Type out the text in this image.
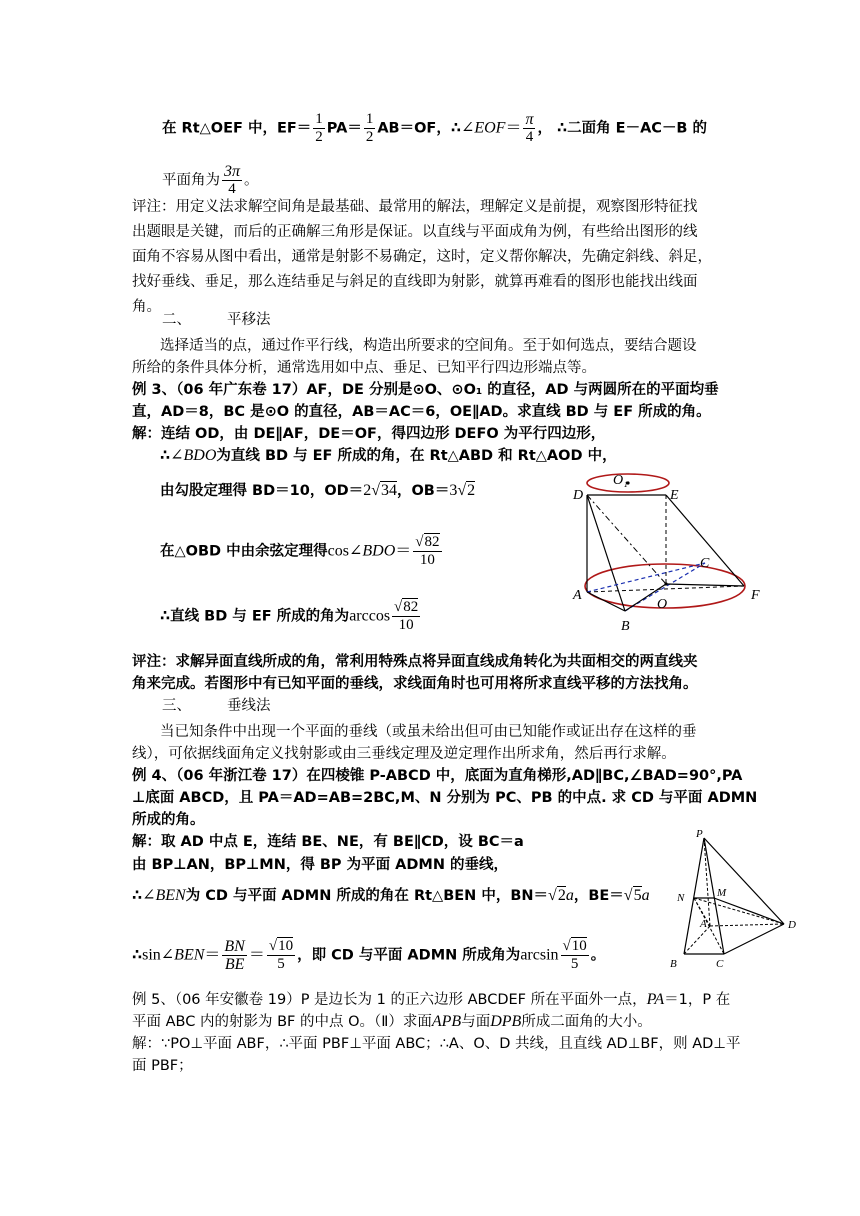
在 Rt△OEF 中，$EF= \frac{1}{2} PA= \frac{1}{2} AB=OF$，∴∠EOF＝ $\frac{\pi}{4}$ ， ∴二面角 E－AC－B 的
平面角为 $\frac{3\pi}{4}$ 。
评注：用定义法求解空间角是最基础、最常用的解法，理解定义是前提，观察图形特征找
出题眼是关键，而后的正确解三角形是保证。以直线与平面成角为例，有些给出图形的线
面角不容易从图中看出，通常是射影不易确定，这时，定义帮你解决，先确定斜线、斜足，
找好垂线、垂足，那么连结垂足与斜足的直线即为射影，就算再难看的图形也能找出线面
角。
二、 平移法
选择适当的点，通过作平行线，构造出所要求的空间角。至于如何选点，要结合题设
所给的条件具体分析，通常选用如中点、垂足、已知平行四边形端点等。
例 3、（06 年广东卷 17）AF，DE 分别是⊙O、⊙O₁ 的直径，AD 与两圆所在的平面均垂
直，AD＝8，BC 是⊙O 的直径，AB＝AC＝6，OE∥AD。求直线 BD 与 EF 所成的角。
解：连结 OD，由 DE∥AF，DE＝OF，得四边形 DEFO 为平行四边形，
∴∠BDO为直线 BD 与 EF 所成的角，在 Rt△ABD 和 Rt△AOD 中，
由勾股定理得 BD＝10，OD＝2√34，OB＝3√2
在△OBD 中由余弦定理得cos∠BDO＝ $\frac{√82}{10}$
∴直线 BD 与 EF 所成的角为$\arccos \frac{√82}{10}$
D
O₁
E
C
A	F
O
B
评注：求解异面直线所成的角，常利用特殊点将异面直线成角转化为共面相交的两直线夹
角来完成。若图形中有已知平面的垂线，求线面角时也可用将所求直线平移的方法找角。
三、 垂线法
当已知条件中出现一个平面的垂线（或虽未给出但可由已知能作或证出存在这样的垂
线），可依据线面角定义找射影或由三垂线定理及逆定理作出所求角，然后再行求解。
例 4、（06 年浙江卷 17）在四棱锥 P-ABCD 中，底面为直角梯形,AD∥BC,∠BAD=90°,PA
⊥底面 ABCD，且 PA＝AD=AB=2BC,M、N 分别为 PC、PB 的中点. 求 CD 与平面 ADMN
所成的角。
解：取 AD 中点 E，连结 BE、NE，有 BE∥CD，设 BC＝a
由 BP⊥AN，BP⊥MN，得 BP 为平面 ADMN 的垂线，
∴∠BEN为 CD 与平面 ADMN 所成的角在 Rt△BEN 中，BN＝√2a，BE＝√5a
∴sin∠BEN＝ $\frac{BN}{BE} = \frac{√10}{5}$ ，即 CD 与平面 ADMN 所成角为$\arcsin \frac{√10}{5}$ 。
P
M
N
A	D
B	C
例 5、（06 年安徽卷 19）P 是边长为 1 的正六边形 ABCDEF 所在平面外一点，PA＝1，P 在
平面 ABC 内的射影为 BF 的中点 O。（Ⅱ）求面APB与面DPB所成二面角的大小。
解：∵PO⊥平面 ABF，∴平面 PBF⊥平面 ABC；∴A、O、D 共线，且直线 AD⊥BF，则 AD⊥平
面 PBF；
